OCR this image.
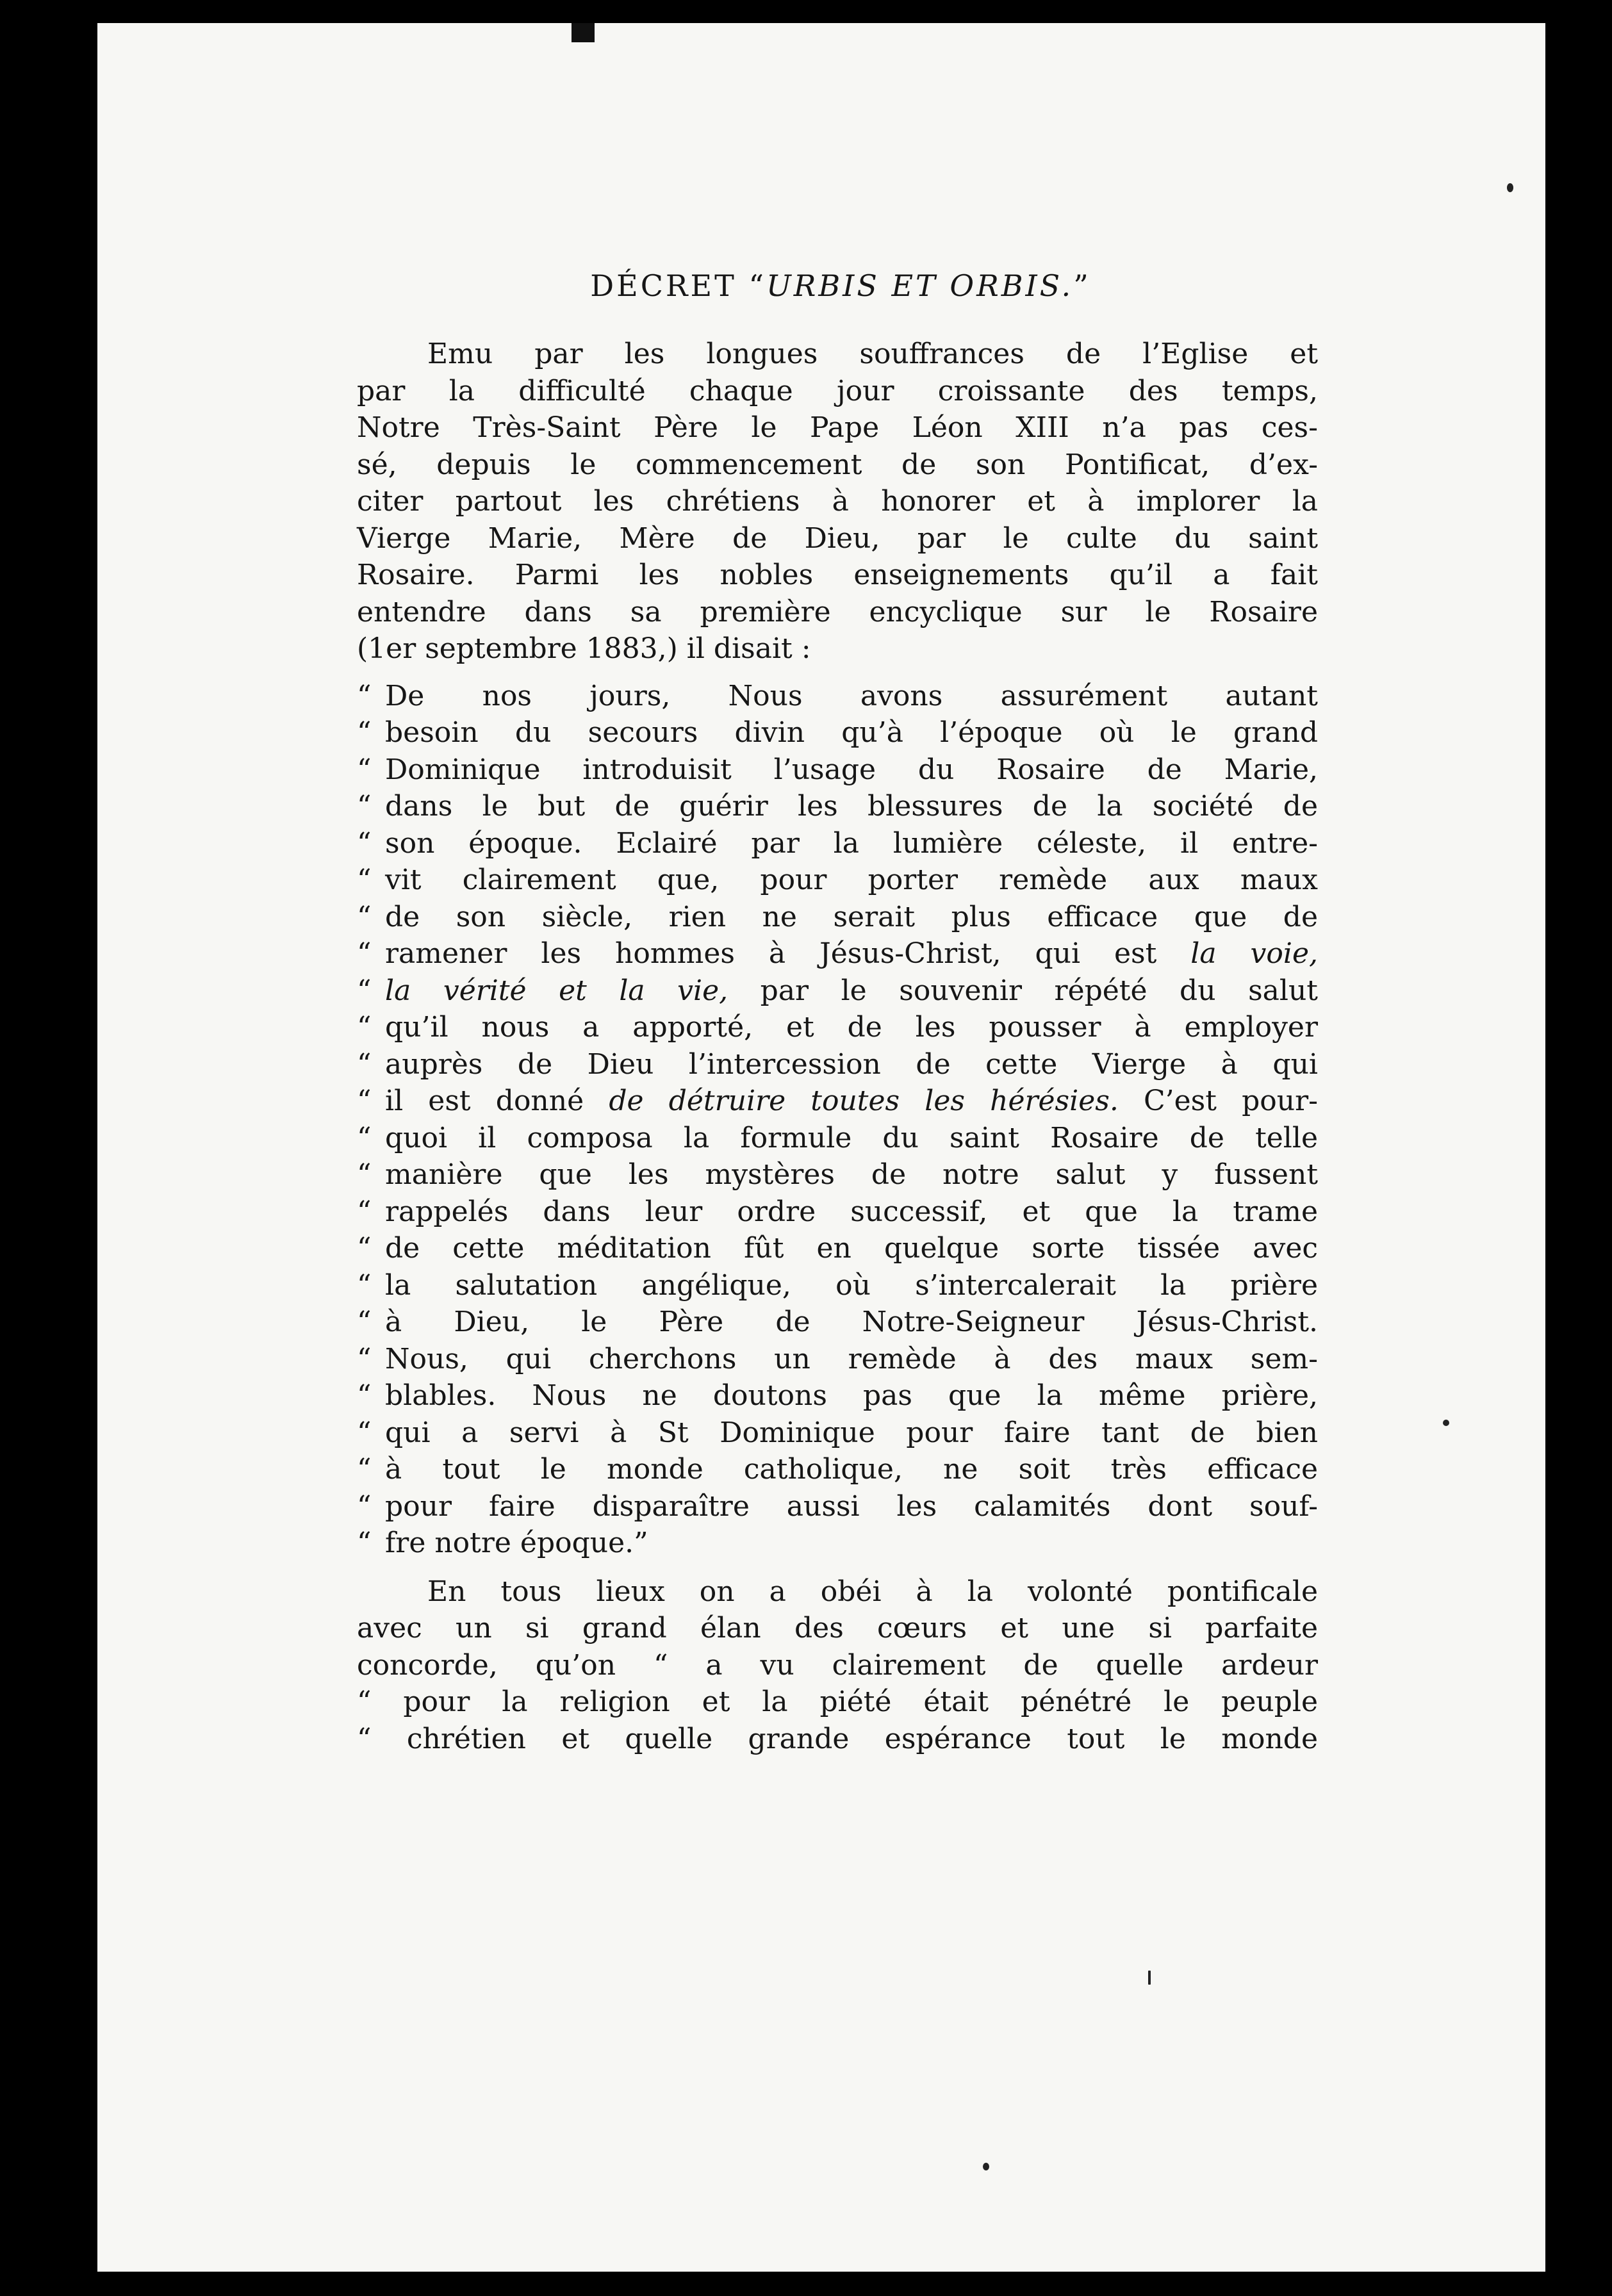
DÉCRET “URBIS ET ORBIS.”
Emu par les longues souffrances de l’Eglise et
par la difficulté chaque jour croissante des temps,
Notre Très-Saint Père le Pape Léon XIII n’a pas ces-
sé, depuis le commencement de son Pontificat, d’ex-
citer partout les chrétiens à honorer et à implorer la
Vierge Marie, Mère de Dieu, par le culte du saint
Rosaire. Parmi les nobles enseignements qu’il a fait
entendre dans sa première encyclique sur le Rosaire
(1er septembre 1883,) il disait :
“ De nos jours, Nous avons assurément autant
“ besoin du secours divin qu’à l’époque où le grand
“ Dominique introduisit l’usage du Rosaire de Marie,
“ dans le but de guérir les blessures de la société de
“ son époque. Eclairé par la lumière céleste, il entre-
“ vit clairement que, pour porter remède aux maux
“ de son siècle, rien ne serait plus efficace que de
“ ramener les hommes à Jésus-Christ, qui est la voie,
“ la vérité et la vie, par le souvenir répété du salut
“ qu’il nous a apporté, et de les pousser à employer
“ auprès de Dieu l’intercession de cette Vierge à qui
“ il est donné de détruire toutes les hérésies. C’est pour-
“ quoi il composa la formule du saint Rosaire de telle
“ manière que les mystères de notre salut y fussent
“ rappelés dans leur ordre successif, et que la trame
“ de cette méditation fût en quelque sorte tissée avec
“ la salutation angélique, où s’intercalerait la prière
“ à Dieu, le Père de Notre-Seigneur Jésus-Christ.
“ Nous, qui cherchons un remède à des maux sem-
“ blables. Nous ne doutons pas que la même prière,
“ qui a servi à St Dominique pour faire tant de bien
“ à tout le monde catholique, ne soit très efficace
“ pour faire disparaître aussi les calamités dont souf-
“ fre notre époque.”
En tous lieux on a obéi à la volonté pontificale
avec un si grand élan des cœurs et une si parfaite
concorde, qu’on “ a vu clairement de quelle ardeur
“ pour la religion et la piété était pénétré le peuple
“ chrétien et quelle grande espérance tout le monde
